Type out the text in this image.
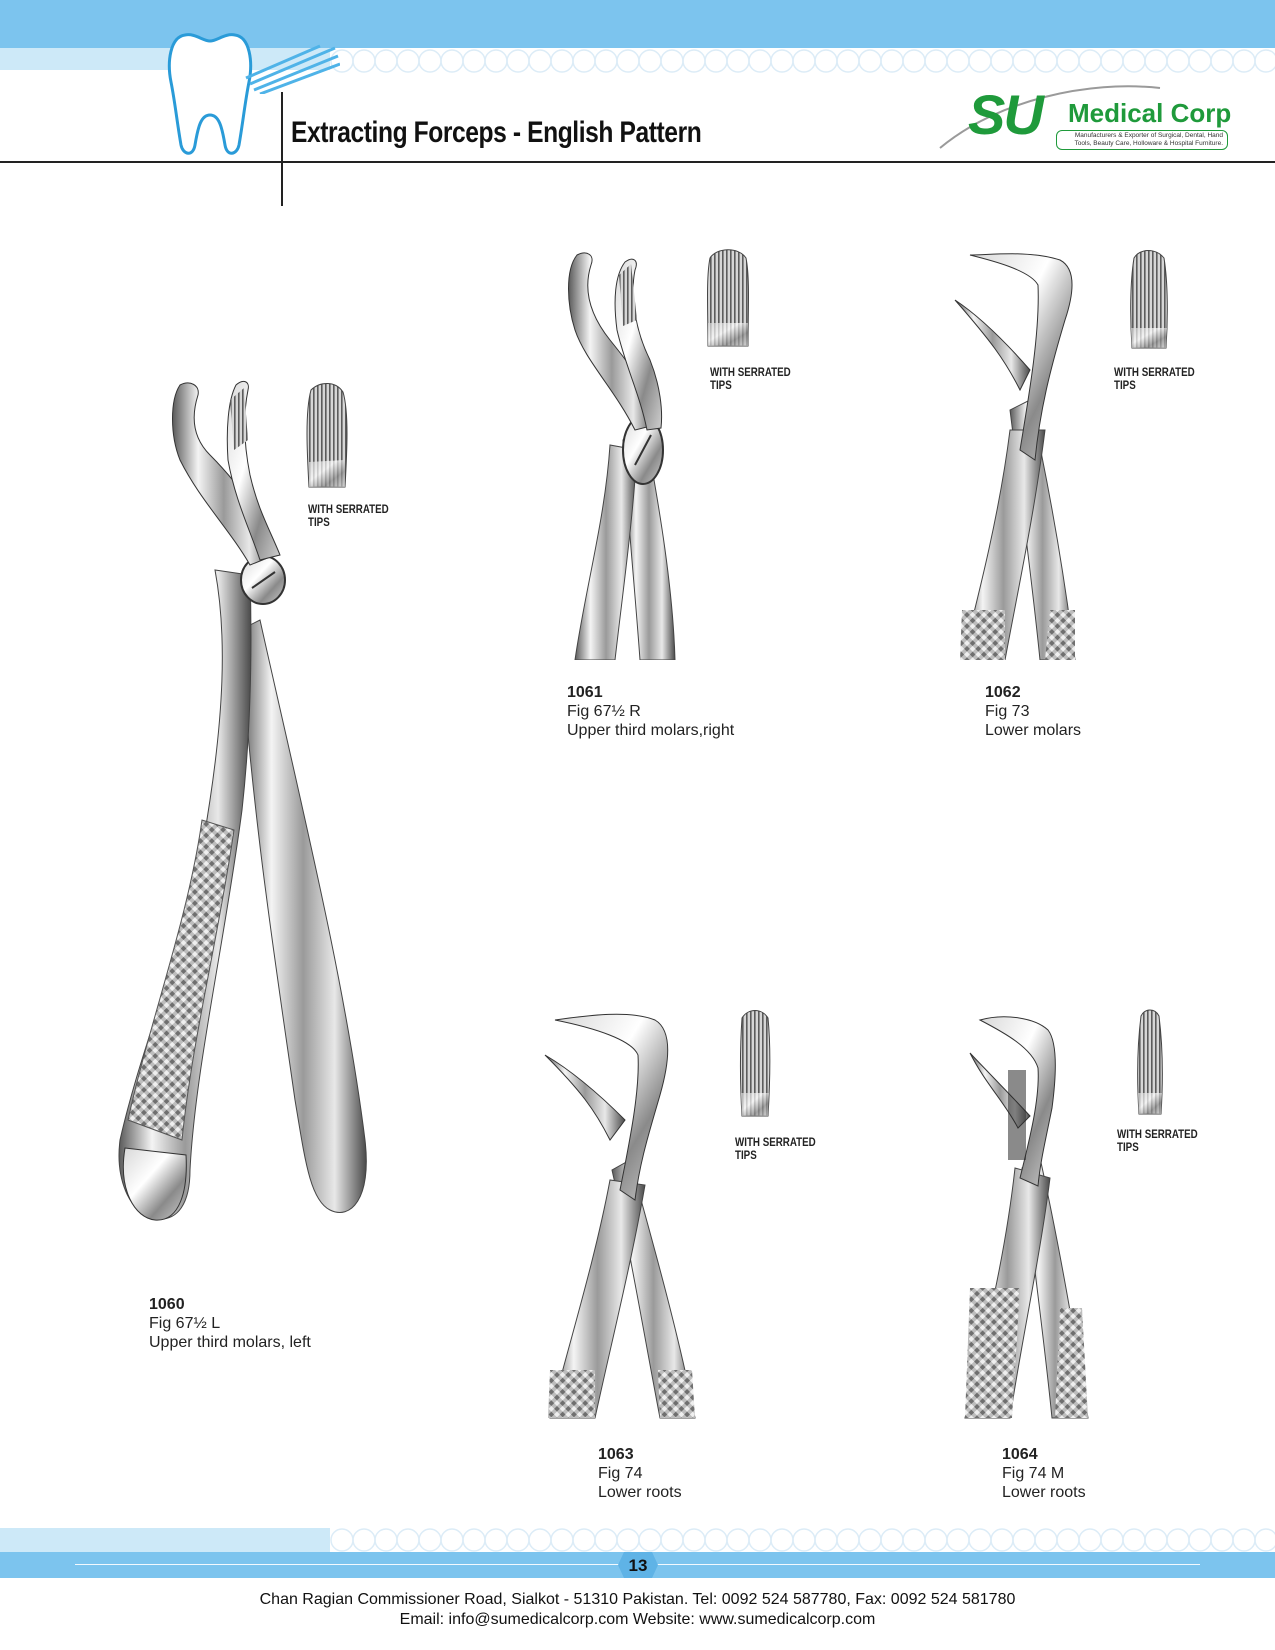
Extracting Forceps - English Pattern	SU Medical Corp
Manufacturers & Exporter of Surgical, Dental, Hand Tools, Beauty Care, Holloware & Hospital Furniture.
WITH SERRATED TIPS
1060
Fig 67½ L
Upper third molars, left
WITH SERRATED TIPS
1061
Fig 67½ R
Upper third molars,right
WITH SERRATED TIPS
1062
Fig 73
Lower molars
WITH SERRATED TIPS
1063
Fig 74
Lower roots
WITH SERRATED TIPS
1064
Fig 74 M
Lower roots
13
Chan Ragian Commissioner Road, Sialkot - 51310 Pakistan. Tel: 0092 524 587780, Fax: 0092 524 581780
Email: info@sumedicalcorp.com Website: www.sumedicalcorp.com
